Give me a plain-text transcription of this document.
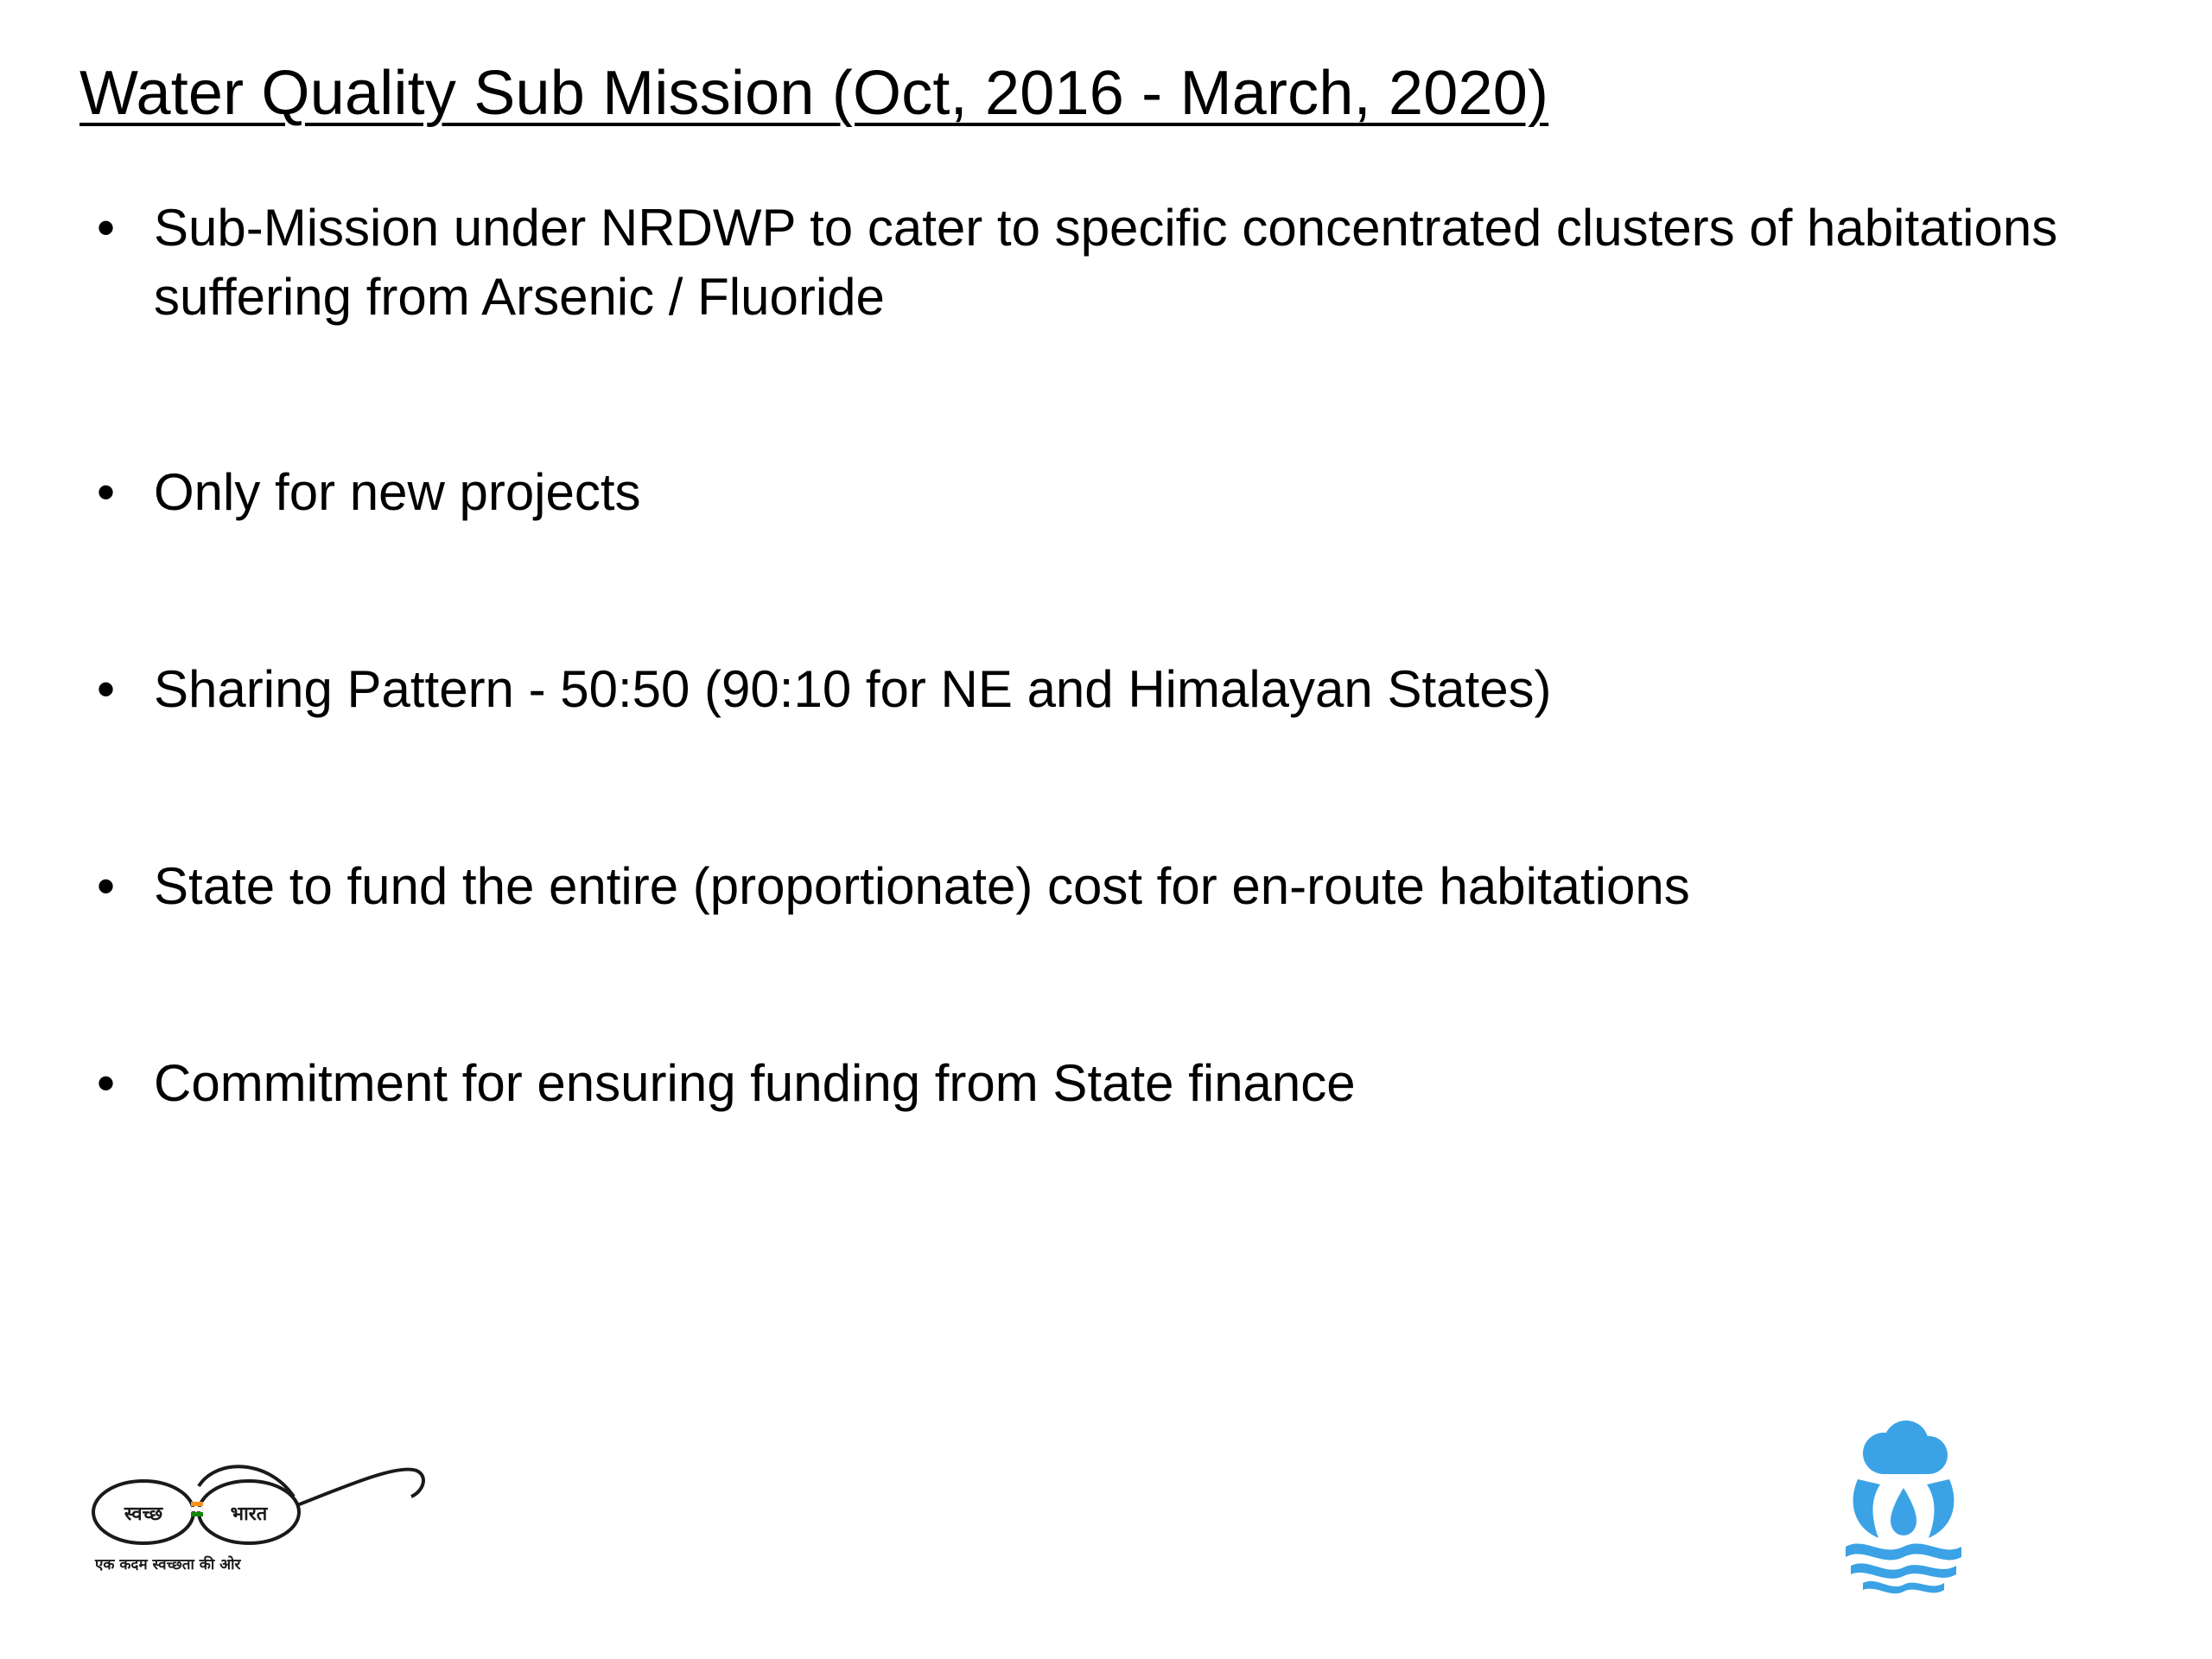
Water Quality Sub Mission (Oct, 2016 - March, 2020)
• Sub-Mission under NRDWP to cater to specific concentrated clusters of habitations suffering from Arsenic / Fluoride
• Only for new projects
• Sharing Pattern - 50:50 (90:10 for NE and Himalayan States)
• State to fund the entire (proportionate) cost for en-route habitations
• Commitment for ensuring funding from State finance
स्वच्छ	भारत
एक कदम स्वच्छता की ओर
